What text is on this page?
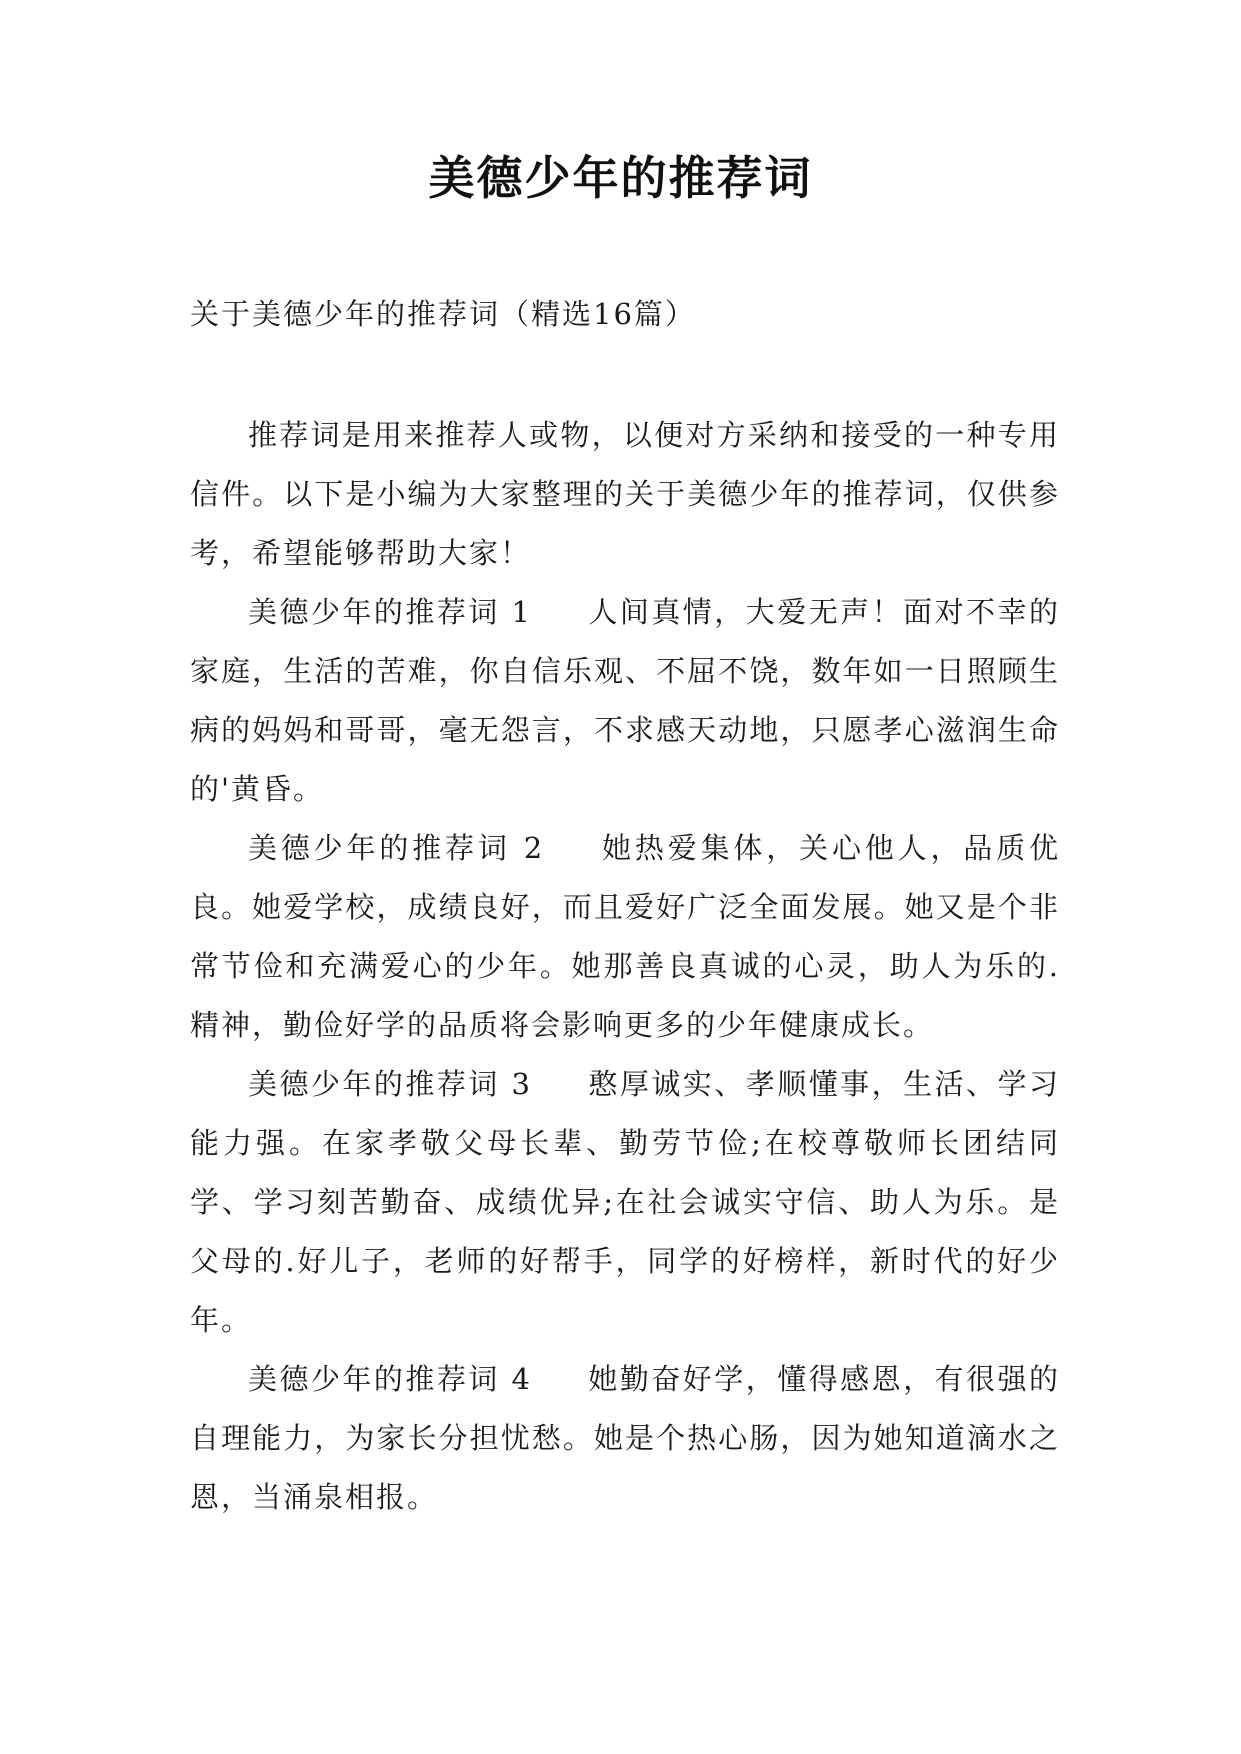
美德少年的推荐词
关于美德少年的推荐词（精选16篇）

推荐词是用来推荐人或物，以便对方采纳和接受的一种专用信件。以下是小编为大家整理的关于美德少年的推荐词，仅供参考，希望能够帮助大家！

美德少年的推荐词 1 人间真情，大爱无声！面对不幸的家庭，生活的苦难，你自信乐观、不屈不饶，数年如一日照顾生病的妈妈和哥哥，毫无怨言，不求感天动地，只愿孝心滋润生命的'黄昏。

美德少年的推荐词 2 她热爱集体，关心他人，品质优良。她爱学校，成绩良好，而且爱好广泛全面发展。她又是个非常节俭和充满爱心的少年。她那善良真诚的心灵，助人为乐的.精神，勤俭好学的品质将会影响更多的少年健康成长。

美德少年的推荐词 3 憨厚诚实、孝顺懂事，生活、学习能力强。在家孝敬父母长辈、勤劳节俭;在校尊敬师长团结同学、学习刻苦勤奋、成绩优异;在社会诚实守信、助人为乐。是父母的.好儿子，老师的好帮手，同学的好榜样，新时代的好少年。

美德少年的推荐词 4 她勤奋好学，懂得感恩，有很强的自理能力，为家长分担忧愁。她是个热心肠，因为她知道滴水之恩，当涌泉相报。
